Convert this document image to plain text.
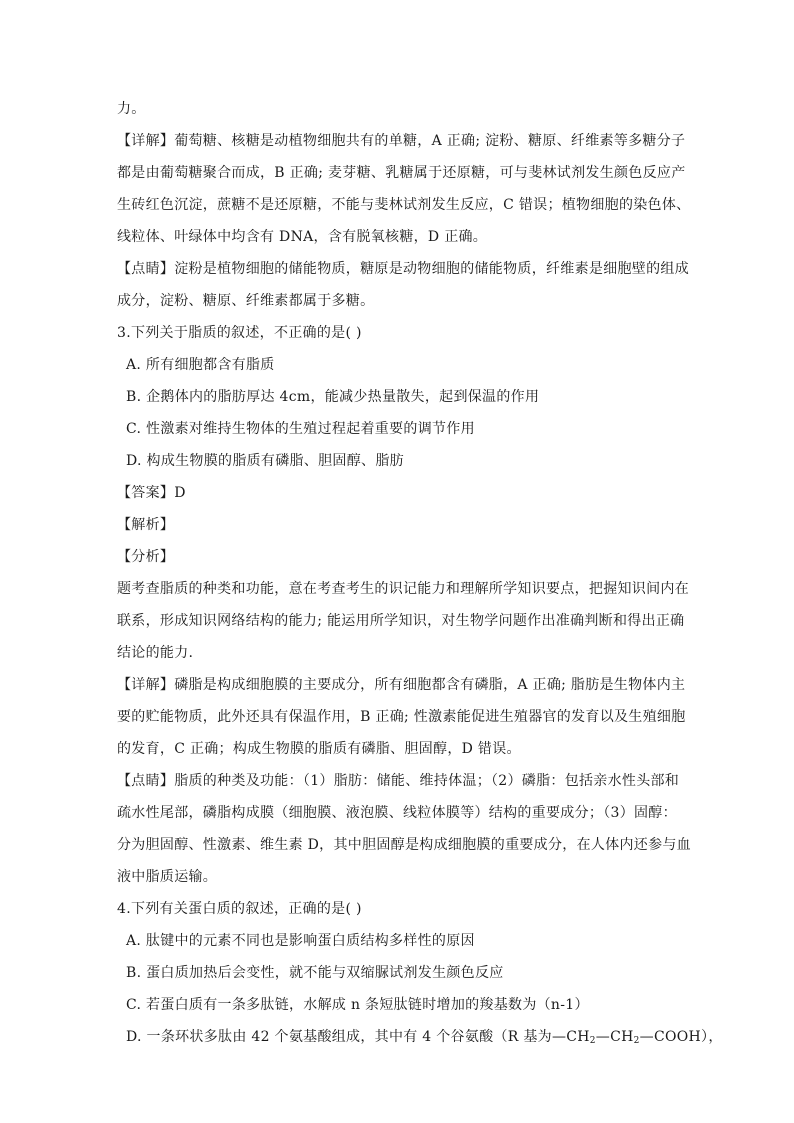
力。
【详解】葡萄糖、核糖是动植物细胞共有的单糖，A 正确; 淀粉、糖原、纤维素等多糖分子
都是由葡萄糖聚合而成，B 正确; 麦芽糖、乳糖属于还原糖，可与斐林试剂发生颜色反应产
生砖红色沉淀，蔗糖不是还原糖，不能与斐林试剂发生反应，C 错误；植物细胞的染色体、
线粒体、叶绿体中均含有 DNA，含有脱氧核糖，D 正确。
【点睛】淀粉是植物细胞的储能物质，糖原是动物细胞的储能物质，纤维素是细胞壁的组成
成分，淀粉、糖原、纤维素都属于多糖。
3.下列关于脂质的叙述，不正确的是( )
A. 所有细胞都含有脂质
B. 企鹅体内的脂肪厚达 4cm，能减少热量散失，起到保温的作用
C. 性激素对维持生物体的生殖过程起着重要的调节作用
D. 构成生物膜的脂质有磷脂、胆固醇、脂肪
【答案】D
【解析】
【分析】
题考查脂质的种类和功能，意在考查考生的识记能力和理解所学知识要点，把握知识间内在
联系，形成知识网络结构的能力; 能运用所学知识，对生物学问题作出准确判断和得出正确
结论的能力.
【详解】磷脂是构成细胞膜的主要成分，所有细胞都含有磷脂，A 正确; 脂肪是生物体内主
要的贮能物质，此外还具有保温作用，B 正确; 性激素能促进生殖器官的发育以及生殖细胞
的发育，C 正确；构成生物膜的脂质有磷脂、胆固醇，D 错误。
【点睛】脂质的种类及功能：（1）脂肪：储能、维持体温；（2）磷脂：包括亲水性头部和
疏水性尾部，磷脂构成膜（细胞膜、液泡膜、线粒体膜等）结构的重要成分；（3）固醇：
分为胆固醇、性激素、维生素 D，其中胆固醇是构成细胞膜的重要成分，在人体内还参与血
液中脂质运输。
4.下列有关蛋白质的叙述，正确的是( )
A. 肽键中的元素不同也是影响蛋白质结构多样性的原因
B. 蛋白质加热后会变性，就不能与双缩脲试剂发生颜色反应
C. 若蛋白质有一条多肽链，水解成 n 条短肽链时增加的羧基数为（n-1）
D. 一条环状多肽由 42 个氨基酸组成，其中有 4 个谷氨酸（R 基为$—CH_2—CH_2—COOH$），
